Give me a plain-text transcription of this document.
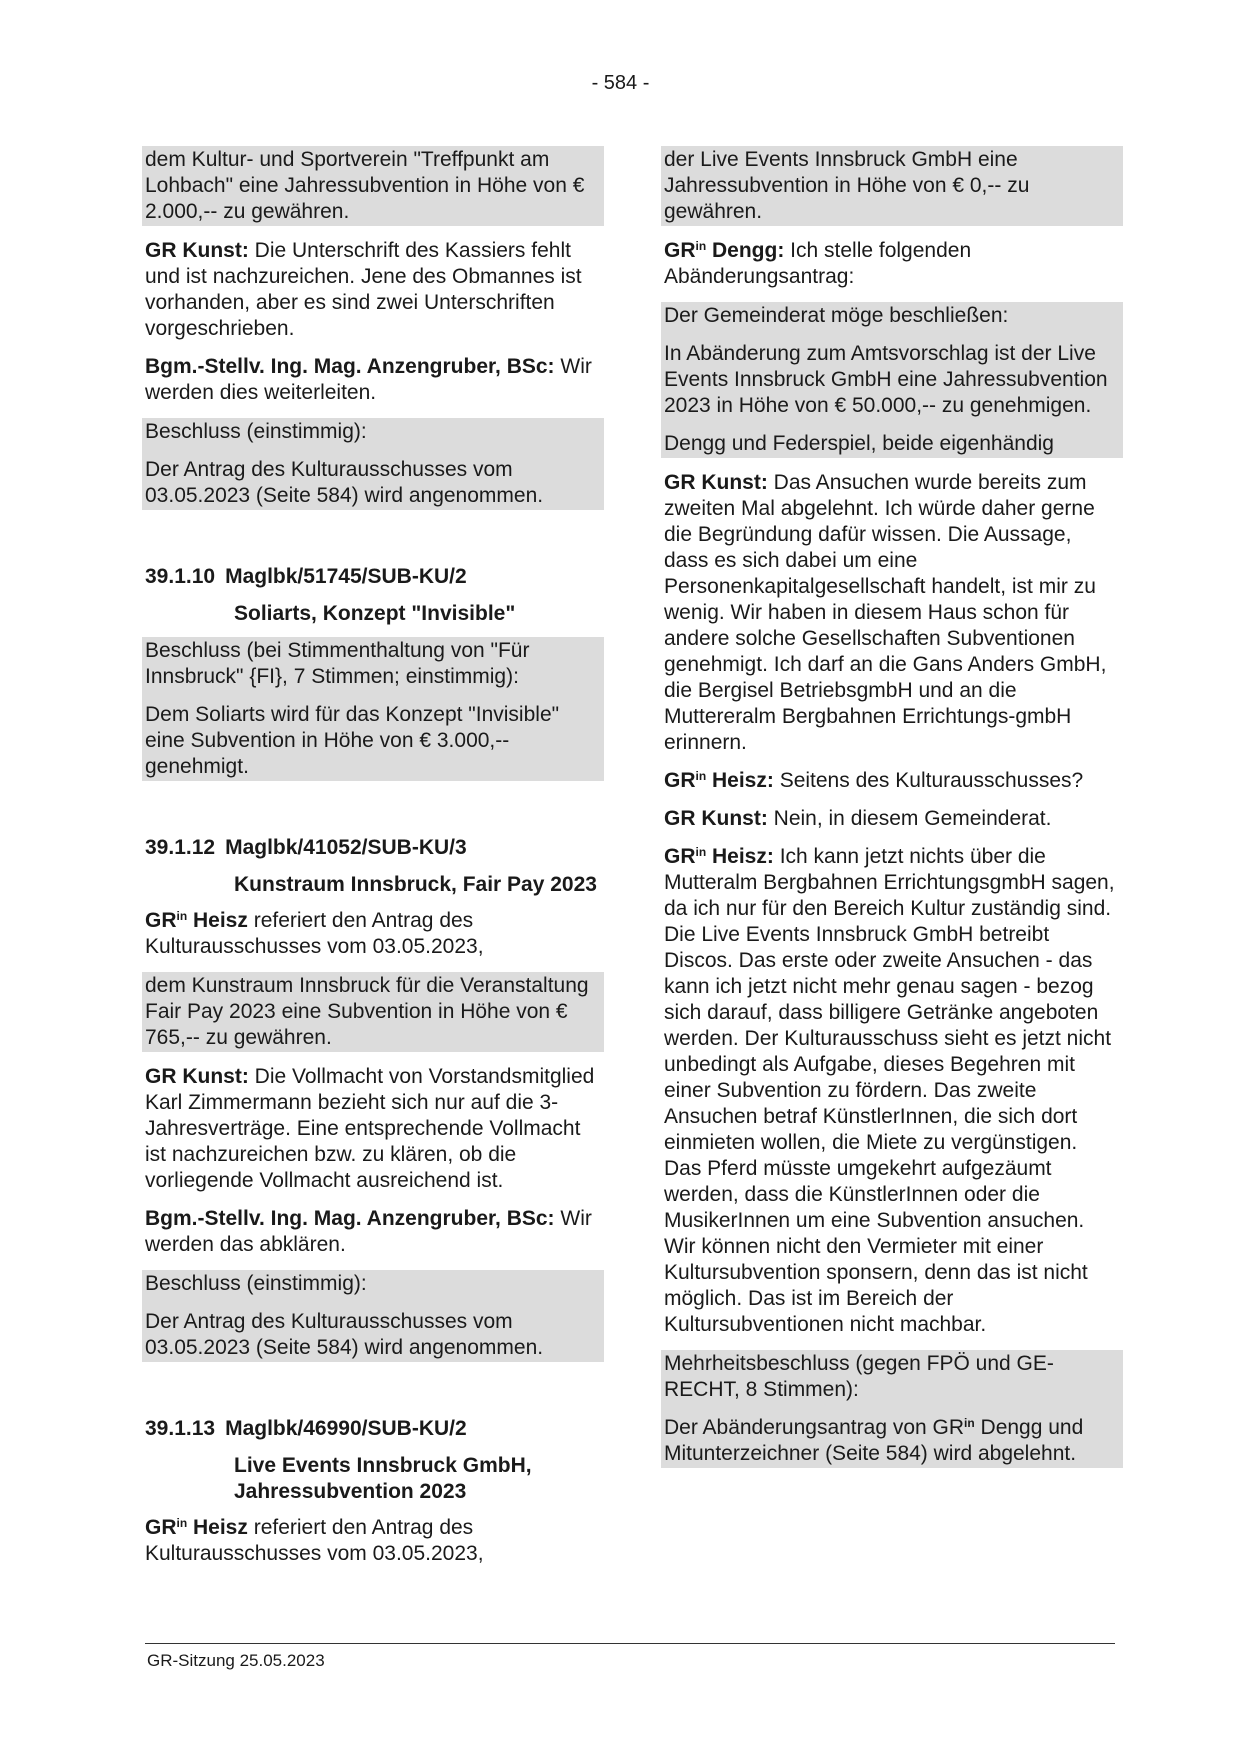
- 584 -

dem Kultur- und Sportverein "Treffpunkt am Lohbach" eine Jahressubvention in Höhe von € 2.000,-- zu gewähren.

GR Kunst: Die Unterschrift des Kassiers fehlt und ist nachzureichen. Jene des Obmannes ist vorhanden, aber es sind zwei Unterschriften vorgeschrieben.

Bgm.-Stellv. Ing. Mag. Anzengruber, BSc: Wir werden dies weiterleiten.

Beschluss (einstimmig):

Der Antrag des Kulturausschusses vom 03.05.2023 (Seite 584) wird angenommen.

39.1.10 Maglbk/51745/SUB-KU/2

Soliarts, Konzept "Invisible"

Beschluss (bei Stimmenthaltung von "Für Innsbruck" {FI}, 7 Stimmen; einstimmig):

Dem Soliarts wird für das Konzept "Invisible" eine Subvention in Höhe von € 3.000,-- genehmigt.

39.1.12 Maglbk/41052/SUB-KU/3

Kunstraum Innsbruck, Fair Pay 2023

$GR^{in}$ Heisz referiert den Antrag des Kulturausschusses vom 03.05.2023,

dem Kunstraum Innsbruck für die Veranstaltung Fair Pay 2023 eine Subvention in Höhe von € 765,-- zu gewähren.

GR Kunst: Die Vollmacht von Vorstandsmitglied Karl Zimmermann bezieht sich nur auf die 3-Jahresverträge. Eine entsprechende Vollmacht ist nachzureichen bzw. zu klären, ob die vorliegende Vollmacht ausreichend ist.

Bgm.-Stellv. Ing. Mag. Anzengruber, BSc: Wir werden das abklären.

Beschluss (einstimmig):

Der Antrag des Kulturausschusses vom 03.05.2023 (Seite 584) wird angenommen.

39.1.13 Maglbk/46990/SUB-KU/2

Live Events Innsbruck GmbH, Jahressubvention 2023

$GR^{in}$ Heisz referiert den Antrag des Kulturausschusses vom 03.05.2023,

der Live Events Innsbruck GmbH eine Jahressubvention in Höhe von € 0,-- zu gewähren.

$GR^{in}$ Dengg: Ich stelle folgenden Abänderungsantrag:

Der Gemeinderat möge beschließen:

In Abänderung zum Amtsvorschlag ist der Live Events Innsbruck GmbH eine Jahressubvention 2023 in Höhe von € 50.000,-- zu genehmigen.

Dengg und Federspiel, beide eigenhändig

GR Kunst: Das Ansuchen wurde bereits zum zweiten Mal abgelehnt. Ich würde daher gerne die Begründung dafür wissen. Die Aussage, dass es sich dabei um eine Personenkapitalgesellschaft handelt, ist mir zu wenig. Wir haben in diesem Haus schon für andere solche Gesellschaften Subventionen genehmigt. Ich darf an die Gans Anders GmbH, die Bergisel BetriebsgmbH und an die Muttereralm Bergbahnen Errichtungs-gmbH erinnern.

$GR^{in}$ Heisz: Seitens des Kulturausschusses?

GR Kunst: Nein, in diesem Gemeinderat.

$GR^{in}$ Heisz: Ich kann jetzt nichts über die Mutteralm Bergbahnen ErrichtungsgmbH sagen, da ich nur für den Bereich Kultur zuständig sind. Die Live Events Innsbruck GmbH betreibt Discos. Das erste oder zweite Ansuchen - das kann ich jetzt nicht mehr genau sagen - bezog sich darauf, dass billigere Getränke angeboten werden. Der Kulturausschuss sieht es jetzt nicht unbedingt als Aufgabe, dieses Begehren mit einer Subvention zu fördern. Das zweite Ansuchen betraf KünstlerInnen, die sich dort einmieten wollen, die Miete zu vergünstigen. Das Pferd müsste umgekehrt aufgezäumt werden, dass die KünstlerInnen oder die MusikerInnen um eine Subvention ansuchen. Wir können nicht den Vermieter mit einer Kultursubvention sponsern, denn das ist nicht möglich. Das ist im Bereich der Kultursubventionen nicht machbar.

Mehrheitsbeschluss (gegen FPÖ und GE-RECHT, 8 Stimmen):

Der Abänderungsantrag von $GR^{in}$ Dengg und Mitunterzeichner (Seite 584) wird abgelehnt.

GR-Sitzung 25.05.2023
